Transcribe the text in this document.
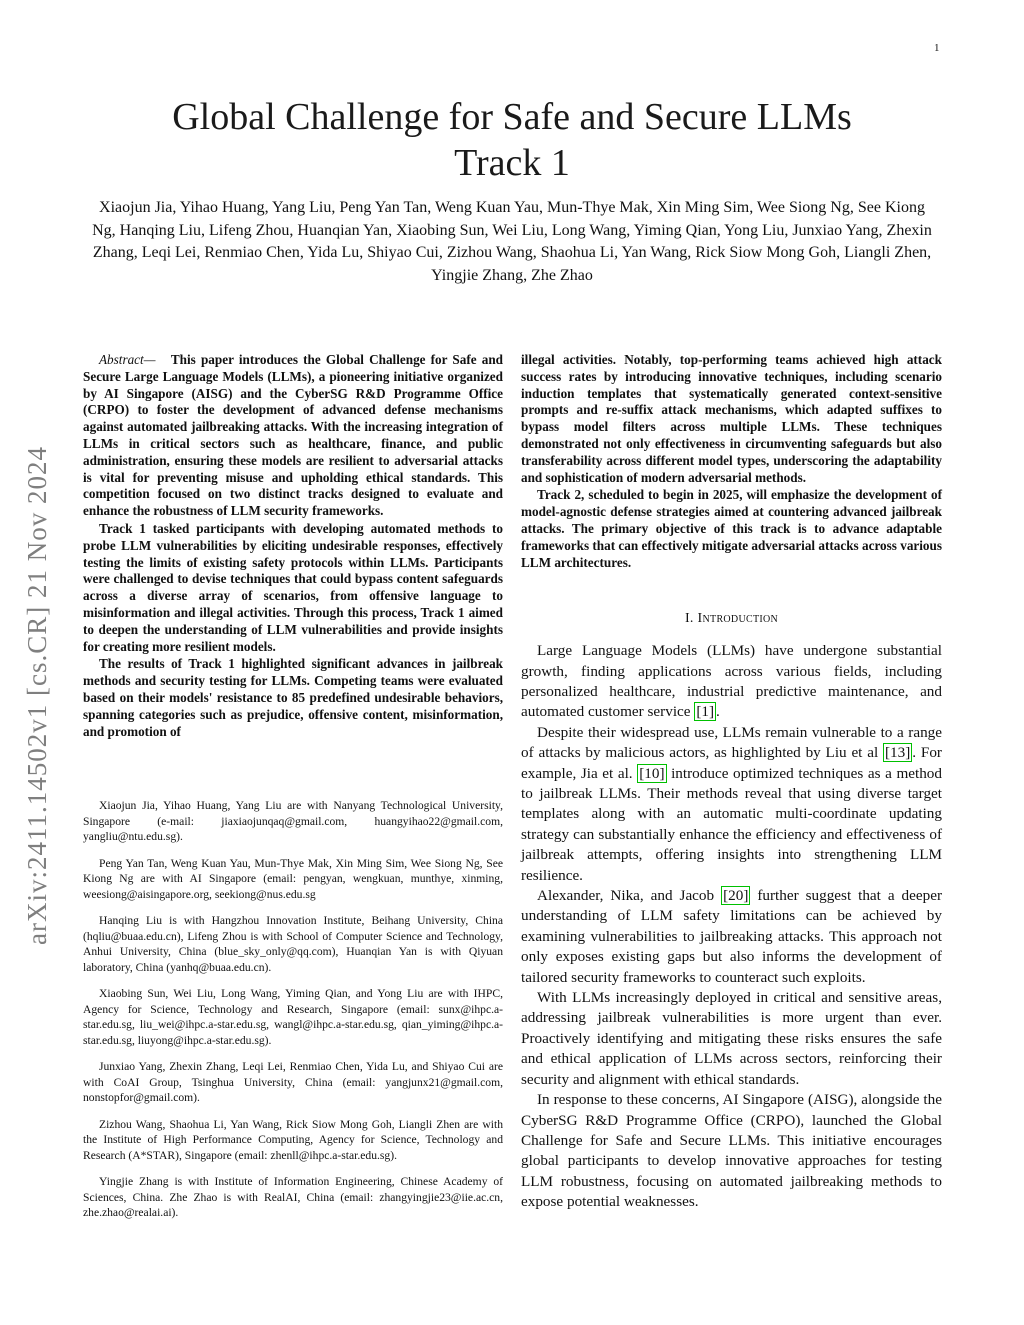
1
arXiv:2411.14502v1 [cs.CR] 21 Nov 2024
Global Challenge for Safe and Secure LLMs
Track 1
Xiaojun Jia, Yihao Huang, Yang Liu, Peng Yan Tan, Weng Kuan Yau, Mun-Thye Mak, Xin Ming Sim, Wee Siong Ng, See Kiong Ng, Hanqing Liu, Lifeng Zhou, Huanqian Yan, Xiaobing Sun, Wei Liu, Long Wang, Yiming Qian, Yong Liu, Junxiao Yang, Zhexin Zhang, Leqi Lei, Renmiao Chen, Yida Lu, Shiyao Cui, Zizhou Wang, Shaohua Li, Yan Wang, Rick Siow Mong Goh, Liangli Zhen, Yingjie Zhang, Zhe Zhao

Abstract— This paper introduces the Global Challenge for Safe and Secure Large Language Models (LLMs), a pioneering initiative organized by AI Singapore (AISG) and the CyberSG R&D Programme Office (CRPO) to foster the development of advanced defense mechanisms against automated jailbreaking attacks. With the increasing integration of LLMs in critical sectors such as healthcare, finance, and public administration, ensuring these models are resilient to adversarial attacks is vital for preventing misuse and upholding ethical standards. This competition focused on two distinct tracks designed to evaluate and enhance the robustness of LLM security frameworks.

Track 1 tasked participants with developing automated methods to probe LLM vulnerabilities by eliciting undesirable responses, effectively testing the limits of existing safety protocols within LLMs. Participants were challenged to devise techniques that could bypass content safeguards across a diverse array of scenarios, from offensive language to misinformation and illegal activities. Through this process, Track 1 aimed to deepen the understanding of LLM vulnerabilities and provide insights for creating more resilient models.

The results of Track 1 highlighted significant advances in jailbreak methods and security testing for LLMs. Competing teams were evaluated based on their models' resistance to 85 predefined undesirable behaviors, spanning categories such as prejudice, offensive content, misinformation, and promotion of

Xiaojun Jia, Yihao Huang, Yang Liu are with Nanyang Technological University, Singapore (e-mail: jiaxiaojunqaq@gmail.com, huangyihao22@gmail.com, yangliu@ntu.edu.sg).

Peng Yan Tan, Weng Kuan Yau, Mun-Thye Mak, Xin Ming Sim, Wee Siong Ng, See Kiong Ng are with AI Singapore (email: pengyan, wengkuan, munthye, xinming, weesiong@aisingapore.org, seekiong@nus.edu.sg

Hanqing Liu is with Hangzhou Innovation Institute, Beihang University, China (hqliu@buaa.edu.cn), Lifeng Zhou is with School of Computer Science and Technology, Anhui University, China (blue_sky_only@qq.com), Huanqian Yan is with Qiyuan laboratory, China (yanhq@buaa.edu.cn).

Xiaobing Sun, Wei Liu, Long Wang, Yiming Qian, and Yong Liu are with IHPC, Agency for Science, Technology and Research, Singapore (email: sunx@ihpc.a-star.edu.sg, liu_wei@ihpc.a-star.edu.sg, wangl@ihpc.a-star.edu.sg, qian_yiming@ihpc.a-star.edu.sg, liuyong@ihpc.a-star.edu.sg).

Junxiao Yang, Zhexin Zhang, Leqi Lei, Renmiao Chen, Yida Lu, and Shiyao Cui are with CoAI Group, Tsinghua University, China (email: yangjunx21@gmail.com, nonstopfor@gmail.com).

Zizhou Wang, Shaohua Li, Yan Wang, Rick Siow Mong Goh, Liangli Zhen are with the Institute of High Performance Computing, Agency for Science, Technology and Research (A*STAR), Singapore (email: zhenll@ihpc.a-star.edu.sg).

Yingjie Zhang is with Institute of Information Engineering, Chinese Academy of Sciences, China. Zhe Zhao is with RealAI, China (email: zhangyingjie23@iie.ac.cn, zhe.zhao@realai.ai).

illegal activities. Notably, top-performing teams achieved high attack success rates by introducing innovative techniques, including scenario induction templates that systematically generated context-sensitive prompts and re-suffix attack mechanisms, which adapted suffixes to bypass model filters across multiple LLMs. These techniques demonstrated not only effectiveness in circumventing safeguards but also transferability across different model types, underscoring the adaptability and sophistication of modern adversarial methods.

Track 2, scheduled to begin in 2025, will emphasize the development of model-agnostic defense strategies aimed at countering advanced jailbreak attacks. The primary objective of this track is to advance adaptable frameworks that can effectively mitigate adversarial attacks across various LLM architectures.

I. Introduction

Large Language Models (LLMs) have undergone substantial growth, finding applications across various fields, including personalized healthcare, industrial predictive maintenance, and automated customer service [1] .

Despite their widespread use, LLMs remain vulnerable to a range of attacks by malicious actors, as highlighted by Liu et al [13] . For example, Jia et al. [10] introduce optimized techniques as a method to jailbreak LLMs. Their methods reveal that using diverse target templates along with an automatic multi-coordinate updating strategy can substantially enhance the efficiency and effectiveness of jailbreak attempts, offering insights into strengthening LLM resilience.

Alexander, Nika, and Jacob [20] further suggest that a deeper understanding of LLM safety limitations can be achieved by examining vulnerabilities to jailbreaking attacks. This approach not only exposes existing gaps but also informs the development of tailored security frameworks to counteract such exploits.

With LLMs increasingly deployed in critical and sensitive areas, addressing jailbreak vulnerabilities is more urgent than ever. Proactively identifying and mitigating these risks ensures the safe and ethical application of LLMs across sectors, reinforcing their security and alignment with ethical standards.

In response to these concerns, AI Singapore (AISG), alongside the CyberSG R&D Programme Office (CRPO), launched the Global Challenge for Safe and Secure LLMs. This initiative encourages global participants to develop innovative approaches for testing LLM robustness, focusing on automated jailbreaking methods to expose potential weaknesses.
